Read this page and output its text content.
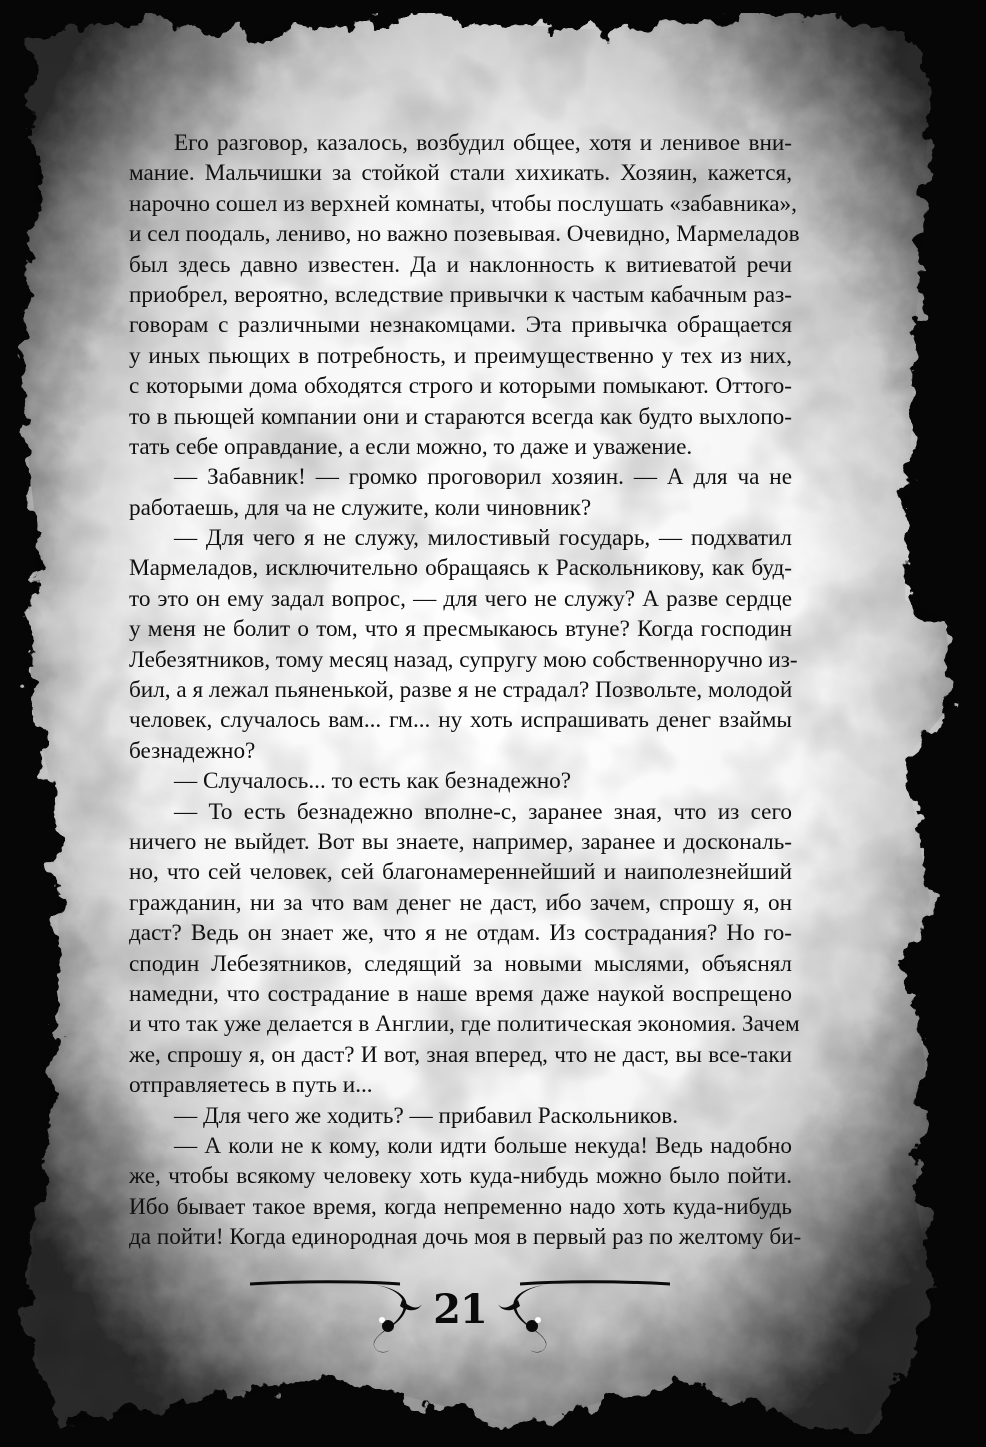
Его разговор, казалось, возбудил общее, хотя и ленивое вни-
мание. Мальчишки за стойкой стали хихикать. Хозяин, кажется,
нарочно сошел из верхней комнаты, чтобы послушать «забавника»,
и сел поодаль, лениво, но важно позевывая. Очевидно, Мармеладов
был здесь давно известен. Да и наклонность к витиеватой речи
приобрел, вероятно, вследствие привычки к частым кабачным раз-
говорам с различными незнакомцами. Эта привычка обращается
у иных пьющих в потребность, и преимущественно у тех из них,
с которыми дома обходятся строго и которыми помыкают. Оттого-
то в пьющей компании они и стараются всегда как будто выхлопо-
тать себе оправдание, а если можно, то даже и уважение.
— Забавник! — громко проговорил хозяин. — А для ча не
работаешь, для ча не служите, коли чиновник?
— Для чего я не служу, милостивый государь, — подхватил
Мармеладов, исключительно обращаясь к Раскольникову, как буд-
то это он ему задал вопрос, — для чего не служу? А разве сердце
у меня не болит о том, что я пресмыкаюсь втуне? Когда господин
Лебезятников, тому месяц назад, супругу мою собственноручно из-
бил, а я лежал пьяненькой, разве я не страдал? Позвольте, молодой
человек, случалось вам... гм... ну хоть испрашивать денег взаймы
безнадежно?
— Случалось... то есть как безнадежно?
— То есть безнадежно вполне-с, заранее зная, что из сего
ничего не выйдет. Вот вы знаете, например, заранее и доскональ-
но, что сей человек, сей благонамереннейший и наиполезнейший
гражданин, ни за что вам денег не даст, ибо зачем, спрошу я, он
даст? Ведь он знает же, что я не отдам. Из сострадания? Но го-
сподин Лебезятников, следящий за новыми мыслями, объяснял
намедни, что сострадание в наше время даже наукой воспрещено
и что так уже делается в Англии, где политическая экономия. Зачем
же, спрошу я, он даст? И вот, зная вперед, что не даст, вы все-таки
отправляетесь в путь и...
— Для чего же ходить? — прибавил Раскольников.
— А коли не к кому, коли идти больше некуда! Ведь надобно
же, чтобы всякому человеку хоть куда-нибудь можно было пойти.
Ибо бывает такое время, когда непременно надо хоть куда-нибудь
да пойти! Когда единородная дочь моя в первый раз по желтому би-
21
